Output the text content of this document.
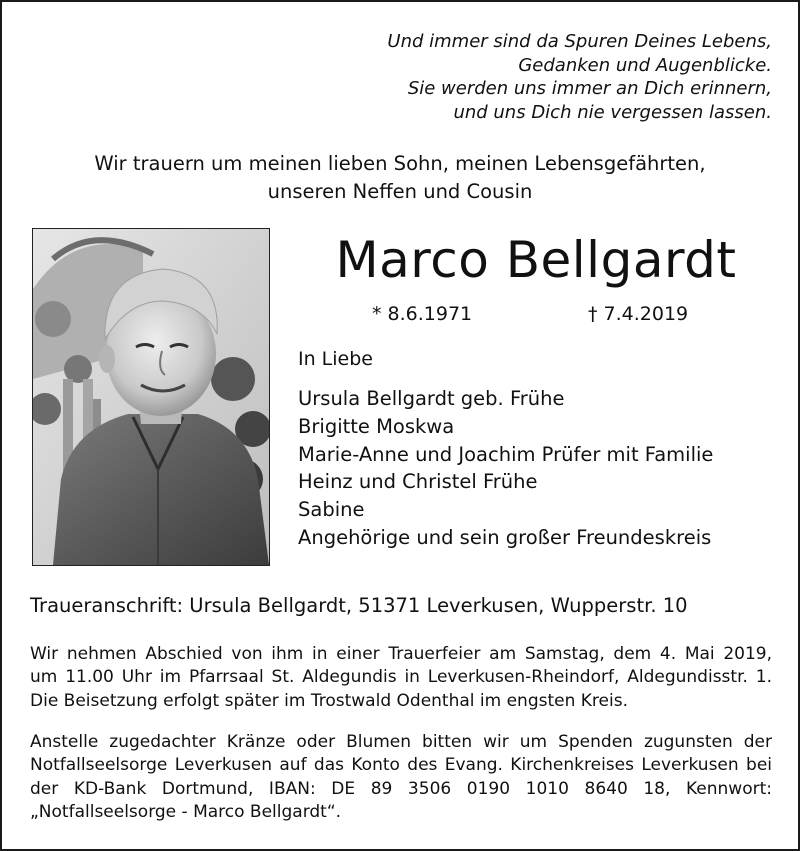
Und immer sind da Spuren Deines Lebens,
Gedanken und Augenblicke.
Sie werden uns immer an Dich erinnern,
und uns Dich nie vergessen lassen.
Wir trauern um meinen lieben Sohn, meinen Lebensgefährten,
unseren Neffen und Cousin
Marco Bellgardt
* 8.6.1971	† 7.4.2019
In Liebe
Ursula Bellgardt geb. Frühe
Brigitte Moskwa
Marie-Anne und Joachim Prüfer mit Familie
Heinz und Christel Frühe
Sabine
Angehörige und sein großer Freundeskreis
Traueranschrift: Ursula Bellgardt, 51371 Leverkusen, Wupperstr. 10
Wir nehmen Abschied von ihm in einer Trauerfeier am Samstag, dem 4. Mai 2019,
um 11.00 Uhr im Pfarrsaal St. Aldegundis in Leverkusen-Rheindorf, Aldegundisstr. 1.
Die Beisetzung erfolgt später im Trostwald Odenthal im engsten Kreis.
Anstelle zugedachter Kränze oder Blumen bitten wir um Spenden zugunsten der
Notfallseelsorge Leverkusen auf das Konto des Evang. Kirchenkreises Leverkusen bei
der KD-Bank Dortmund, IBAN: DE 89 3506 0190 1010 8640 18, Kennwort:
„Notfallseelsorge - Marco Bellgardt“.
